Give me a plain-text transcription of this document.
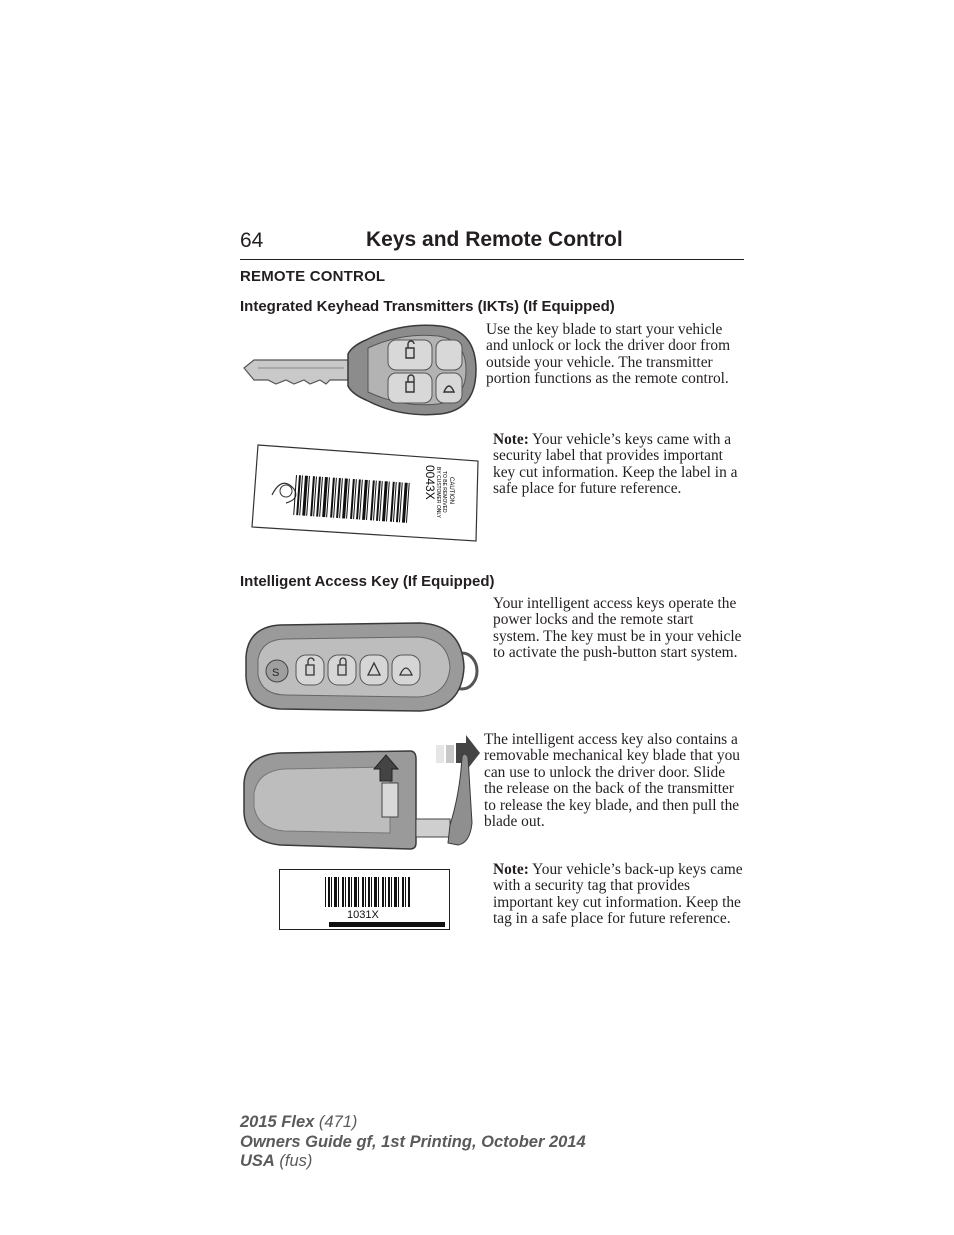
64	Keys and Remote Control
REMOTE CONTROL
Integrated Keyhead Transmitters (IKTs) (If Equipped)
Use the key blade to start your vehicle and unlock or lock the driver door from outside your vehicle. The transmitter portion functions as the remote control.
CAUTION
TO BE REMOVED
BY CUSTOMER ONLY
0043X
Note: Your vehicle’s keys came with a security label that provides important key cut information. Keep the label in a safe place for future reference.
Intelligent Access Key (If Equipped)
S
Your intelligent access keys operate the power locks and the remote start system. The key must be in your vehicle to activate the push-button start system.
The intelligent access key also contains a removable mechanical key blade that you can use to unlock the driver door. Slide the release on the back of the transmitter to release the key blade, and then pull the blade out.
1031X
Note: Your vehicle’s back-up keys came with a security tag that provides important key cut information. Keep the tag in a safe place for future reference.
2015 Flex (471)
Owners Guide gf, 1st Printing, October 2014
USA (fus)
